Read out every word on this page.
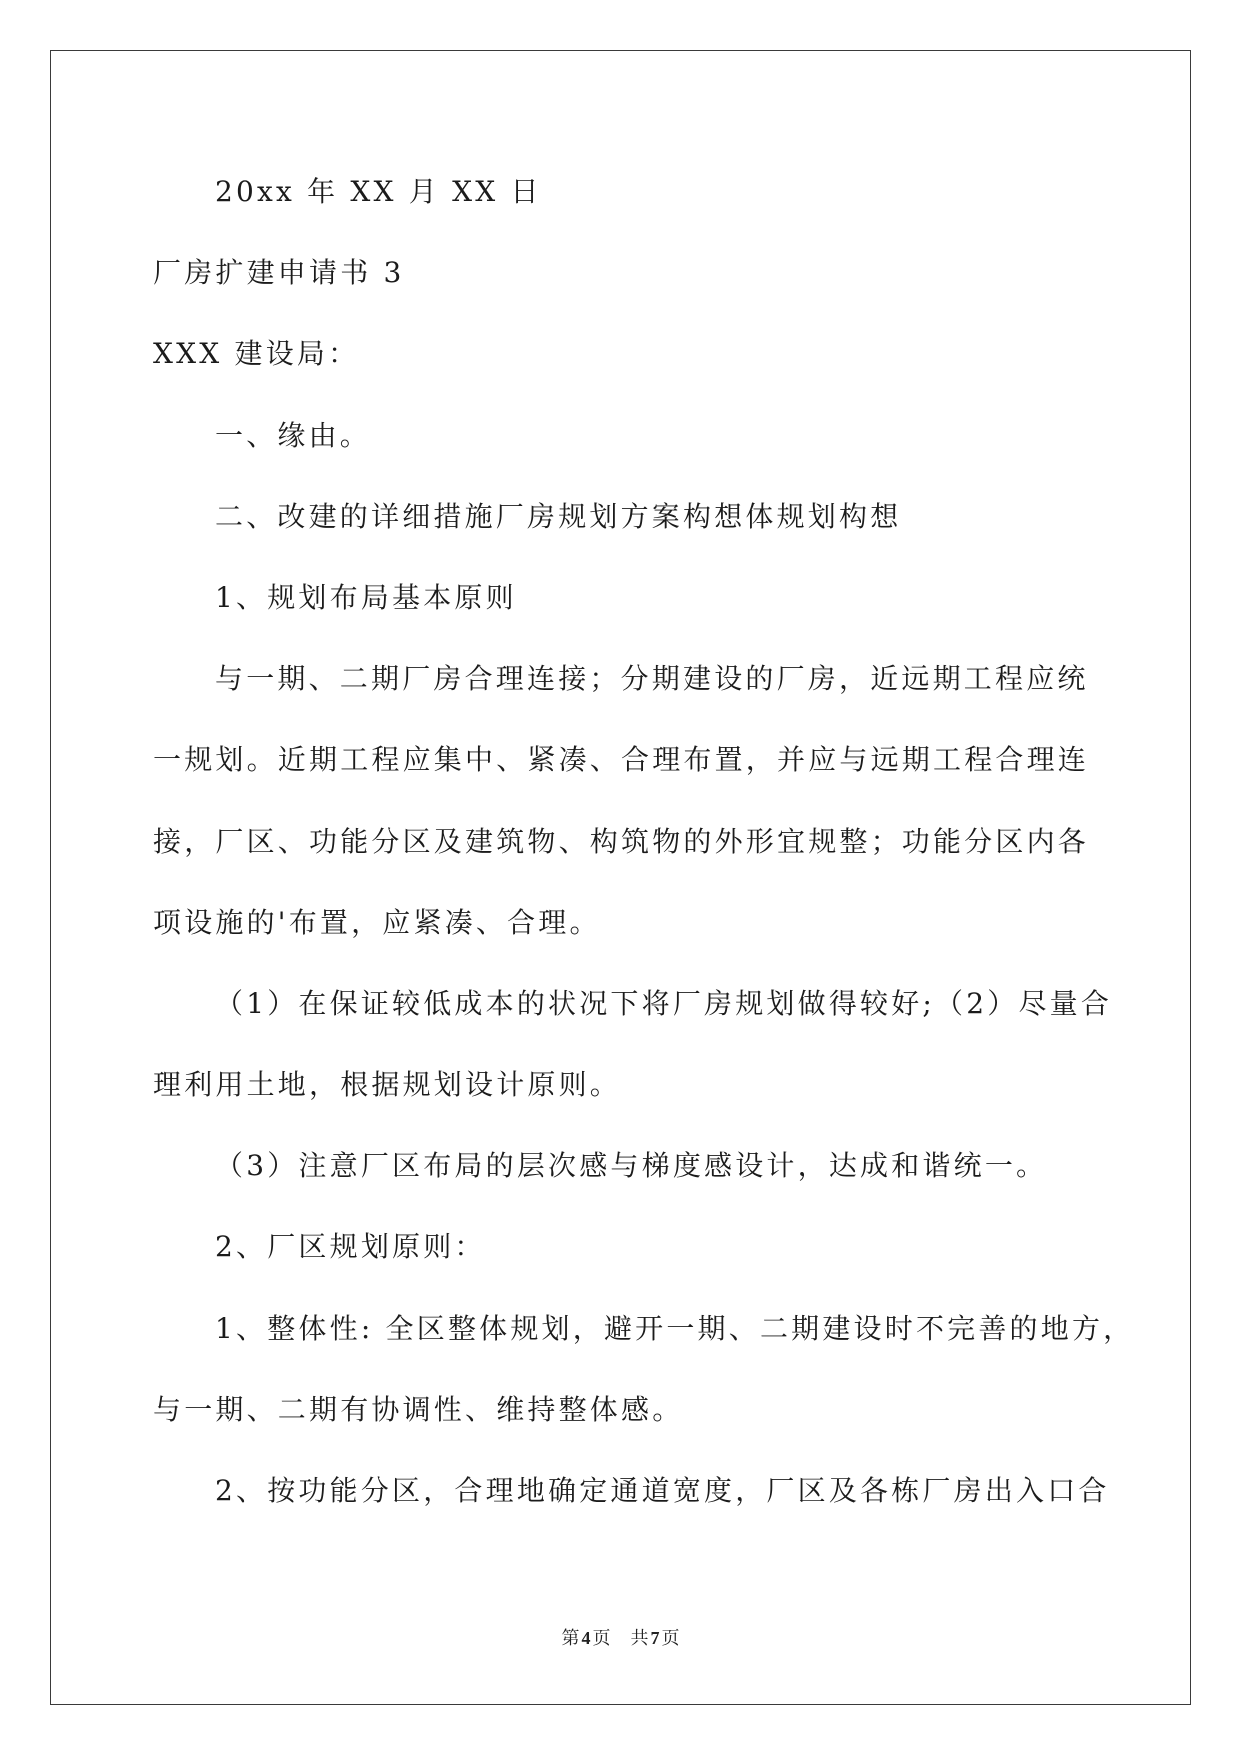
20xx 年 XX 月 XX 日
厂房扩建申请书 3
XXX 建设局：
一、缘由。
二、改建的详细措施厂房规划方案构想体规划构想
1、规划布局基本原则
与一期、二期厂房合理连接；分期建设的厂房，近远期工程应统
一规划。近期工程应集中、紧凑、合理布置，并应与远期工程合理连
接，厂区、功能分区及建筑物、构筑物的外形宜规整；功能分区内各
项设施的'布置，应紧凑、合理。
（1）在保证较低成本的状况下将厂房规划做得较好;（2）尽量合
理利用土地，根据规划设计原则。
（3）注意厂区布局的层次感与梯度感设计，达成和谐统一。
2、厂区规划原则：
1、整体性: 全区整体规划，避开一期、二期建设时不完善的地方，
与一期、二期有协调性、维持整体感。
2、按功能分区，合理地确定通道宽度，厂区及各栋厂房出入口合
第 4 页 共 7 页
